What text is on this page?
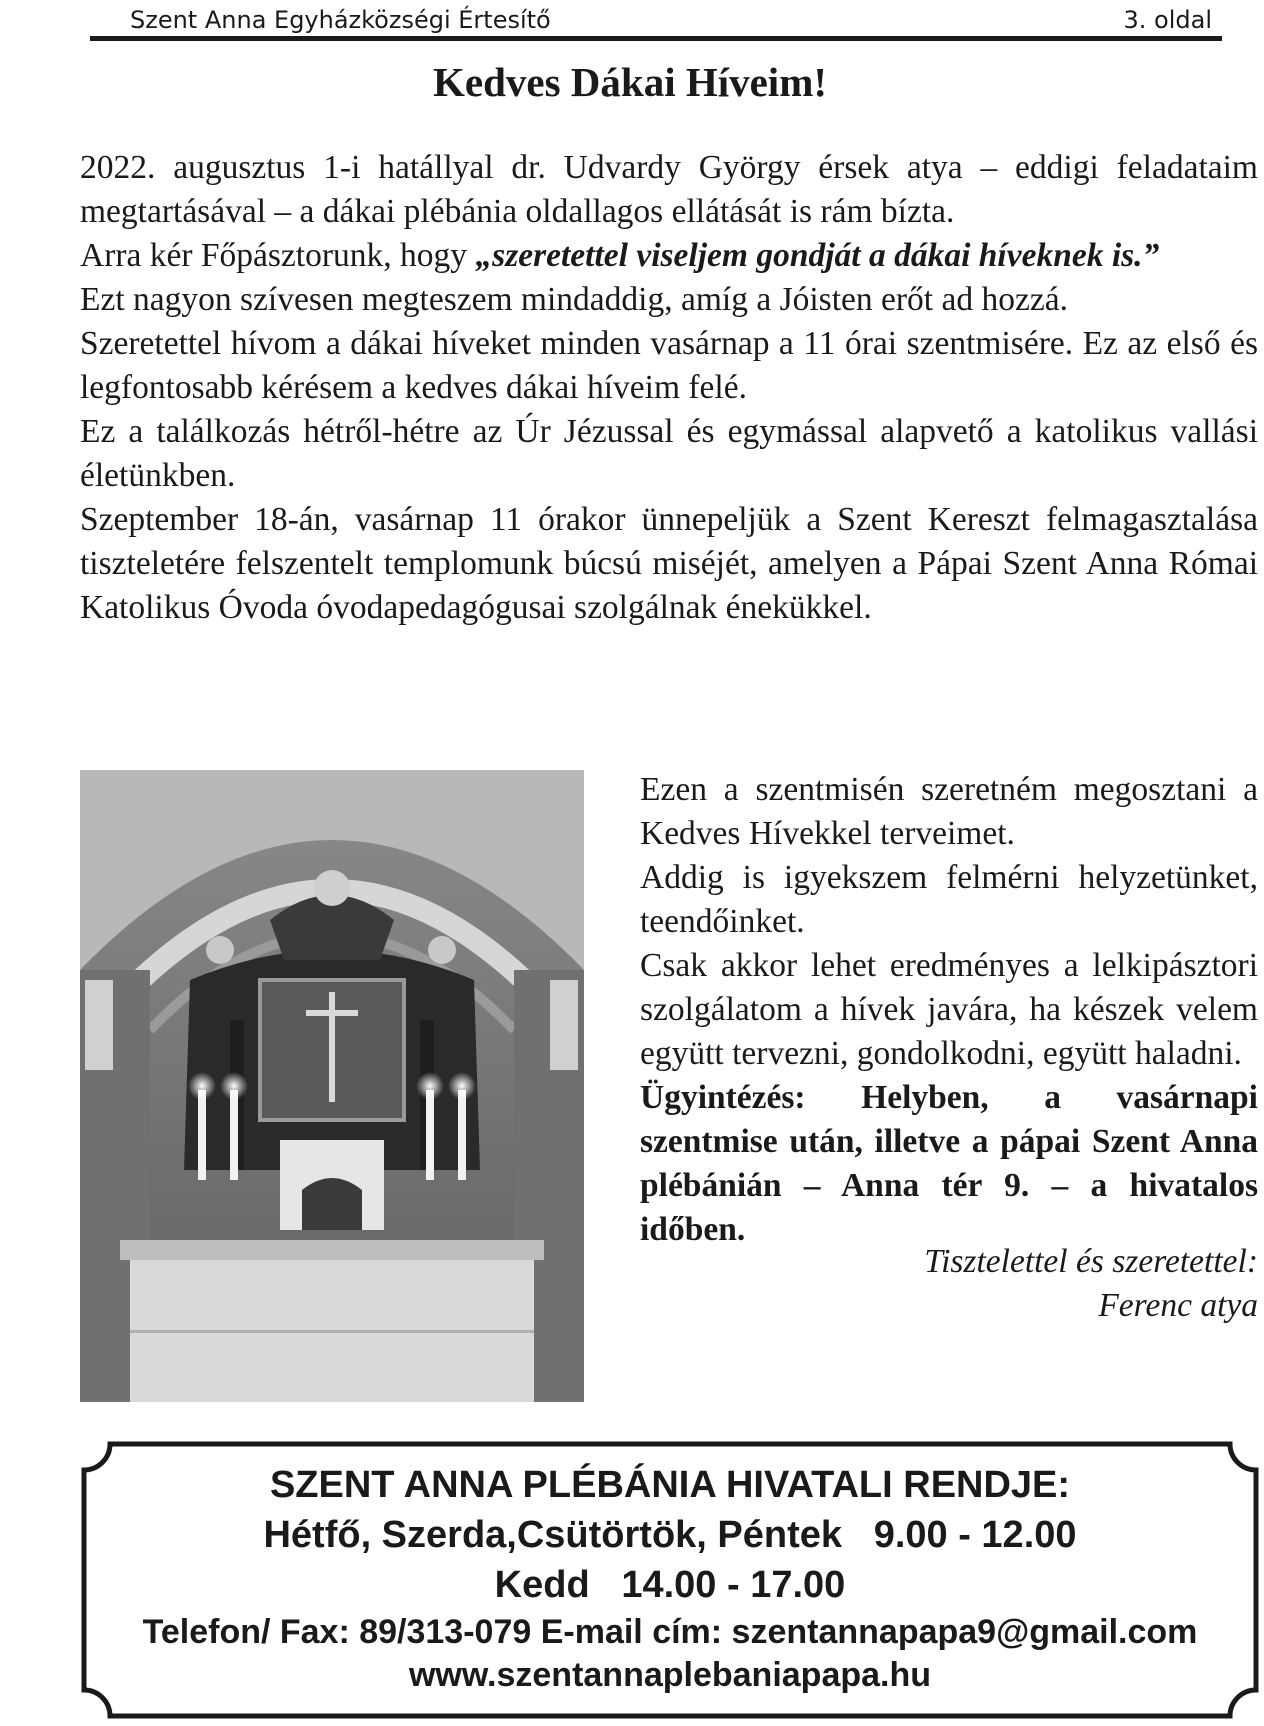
Szent Anna Egyházközségi Értesítő	3. oldal
Kedves Dákai Híveim!

2022. augusztus 1-i hatállyal dr. Udvardy György érsek atya – eddigi feladataim megtartásával – a dákai plébánia oldallagos ellátását is rám bízta.

Arra kér Főpásztorunk, hogy „szeretettel viseljem gondját a dákai híveknek is.”

Ezt nagyon szívesen megteszem mindaddig, amíg a Jóisten erőt ad hozzá.

Szeretettel hívom a dákai híveket minden vasárnap a 11 órai szentmisére. Ez az első és legfontosabb kérésem a kedves dákai híveim felé.

Ez a találkozás hétről-hétre az Úr Jézussal és egymással alapvető a katolikus vallási életünkben.

Szeptember 18-án, vasárnap 11 órakor ünnepeljük a Szent Kereszt felmagasztalása tiszteletére felszentelt templomunk búcsú miséjét, amelyen a Pápai Szent Anna Római Katolikus Óvoda óvodapedagógusai szolgálnak énekükkel.

Ezen a szentmisén szeretném megosztani a Kedves Hívekkel terveimet.

Addig is igyekszem felmérni helyzetünket, teendőinket.

Csak akkor lehet eredményes a lelkipásztori szolgálatom a hívek javára, ha készek velem együtt tervezni, gondolkodni, együtt haladni.

Ügyintézés: Helyben, a vasárnapi szentmise után, illetve a pápai Szent Anna plébánián – Anna tér 9. – a hivatalos időben.

Tisztelettel és szeretettel:
Ferenc atya
SZENT ANNA PLÉBÁNIA HIVATALI RENDJE:
Hétfő, Szerda,Csütörtök, Péntek   9.00 - 12.00
Kedd   14.00 - 17.00
Telefon/ Fax: 89/313-079 E-mail cím: szentannapapa9@gmail.com
www.szentannaplebaniapapa.hu
